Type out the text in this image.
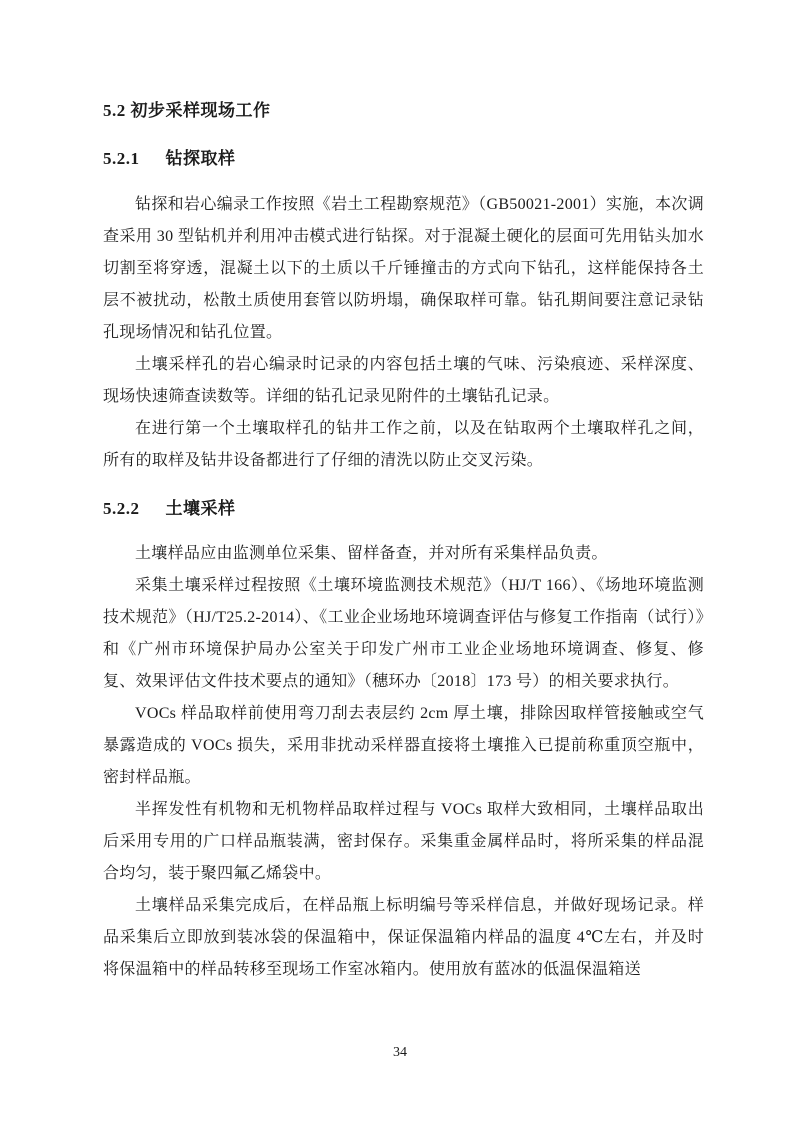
5.2 初步采样现场工作
5.2.1 钻探取样

钻探和岩心编录工作按照《岩土工程勘察规范》（GB50021-2001）实施，本次调查采用 30 型钻机并利用冲击模式进行钻探。对于混凝土硬化的层面可先用钻头加水切割至将穿透，混凝土以下的土质以千斤锤撞击的方式向下钻孔，这样能保持各土层不被扰动，松散土质使用套管以防坍塌，确保取样可靠。钻孔期间要注意记录钻孔现场情况和钻孔位置。

土壤采样孔的岩心编录时记录的内容包括土壤的气味、污染痕迹、采样深度、现场快速筛查读数等。详细的钻孔记录见附件的土壤钻孔记录。

在进行第一个土壤取样孔的钻井工作之前，以及在钻取两个土壤取样孔之间，所有的取样及钻井设备都进行了仔细的清洗以防止交叉污染。

5.2.2 土壤采样

土壤样品应由监测单位采集、留样备查，并对所有采集样品负责。

采集土壤采样过程按照《土壤环境监测技术规范》（HJ/T 166）、《场地环境监测技术规范》（HJ/T25.2-2014）、《工业企业场地环境调查评估与修复工作指南（试行）》和《广州市环境保护局办公室关于印发广州市工业企业场地环境调查、修复、修复、效果评估文件技术要点的通知》（穗环办〔2018〕173 号）的相关要求执行。

VOCs 样品取样前使用弯刀刮去表层约 2cm 厚土壤，排除因取样管接触或空气暴露造成的 VOCs 损失，采用非扰动采样器直接将土壤推入已提前称重顶空瓶中，密封样品瓶。

半挥发性有机物和无机物样品取样过程与 VOCs 取样大致相同，土壤样品取出后采用专用的广口样品瓶装满，密封保存。采集重金属样品时，将所采集的样品混合均匀，装于聚四氟乙烯袋中。

土壤样品采集完成后，在样品瓶上标明编号等采样信息，并做好现场记录。样品采集后立即放到装冰袋的保温箱中，保证保温箱内样品的温度 4℃左右，并及时将保温箱中的样品转移至现场工作室冰箱内。使用放有蓝冰的低温保温箱送

34
